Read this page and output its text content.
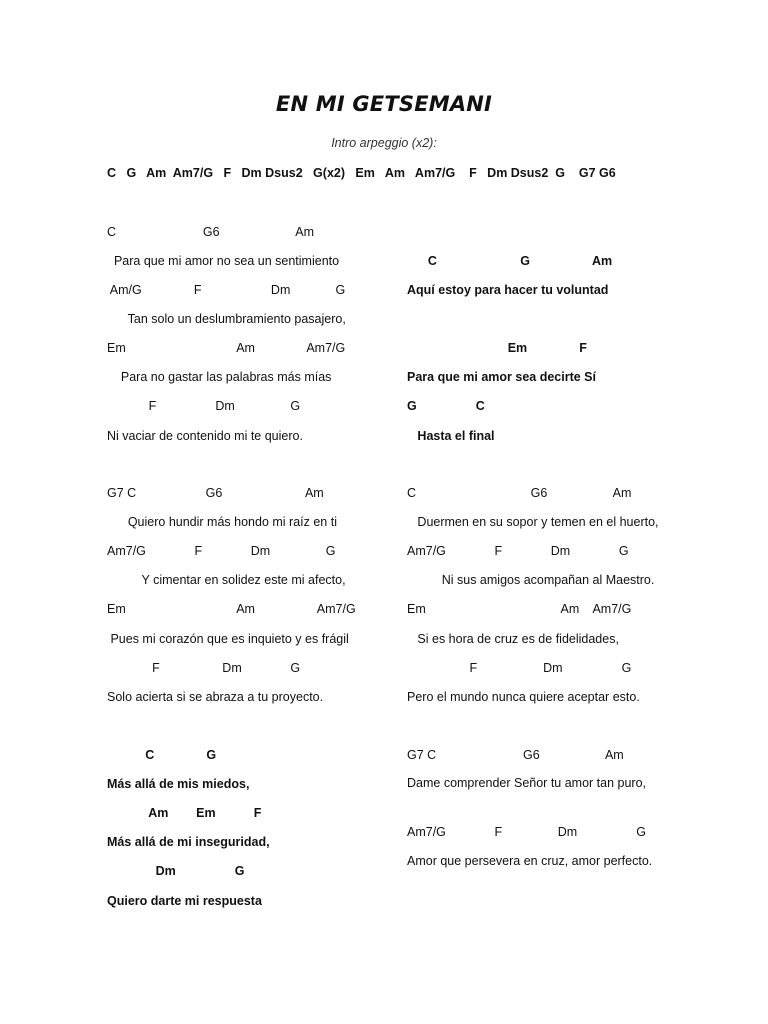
EN MI GETSEMANI
Intro arpeggio (x2):
C   G   Am  Am7/G   F   Dm Dsus2   G(x2)   Em   Am   Am7/G    F   Dm Dsus2  G    G7 G6
C                         G6                      Am
Para que mi amor no sea un sentimiento
Am/G               F                    Dm             G
Tan solo un deslumbramiento pasajero,
Em                                Am               Am7/G
Para no gastar las palabras más mías
F                 Dm                G
Ni vaciar de contenido mi te quiero.
G7 C                    G6                        Am
Quiero hundir más hondo mi raíz en ti
Am7/G              F              Dm                G
Y cimentar en solidez este mi afecto,
Em                                Am                  Am7/G
Pues mi corazón que es inquieto y es frágil
F                  Dm              G
Solo acierta si se abraza a tu proyecto.
C               G
Más allá de mis miedos,
Am        Em           F
Más allá de mi inseguridad,
Dm                 G
Quiero darte mi respuesta
C                        G                  Am
Aquí estoy para hacer tu voluntad
Em               F
Para que mi amor sea decirte Sí
G                 C
Hasta el final
C                                 G6                   Am
Duermen en su sopor y temen en el huerto,
Am7/G              F              Dm              G
Ni sus amigos acompañan al Maestro.
Em                                       Am    Am7/G
Si es hora de cruz es de fidelidades,
F                   Dm                 G
Pero el mundo nunca quiere aceptar esto.
G7 C                         G6                   Am
Dame comprender Señor tu amor tan puro,
Am7/G              F                Dm                 G
Amor que persevera en cruz, amor perfecto.
